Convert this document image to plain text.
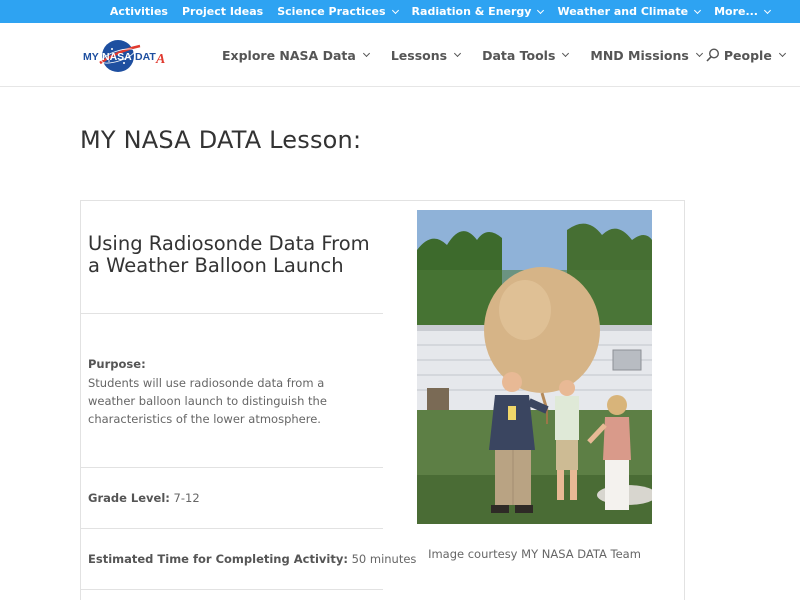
Activities Project Ideas Science Practices Radiation & Energy Weather and Climate More...
MY NASA DAT A	Explore NASA Data	Lessons	Data Tools	MND Missions	People
MY NASA DATA Lesson:
Using Radiosonde Data From a Weather Balloon Launch
Purpose:
Students will use radiosonde data from a weather balloon launch to distinguish the characteristics of the lower atmosphere.
Grade Level: 7-12
Estimated Time for Completing Activity: 50 minutes	Image courtesy MY NASA DATA Team
